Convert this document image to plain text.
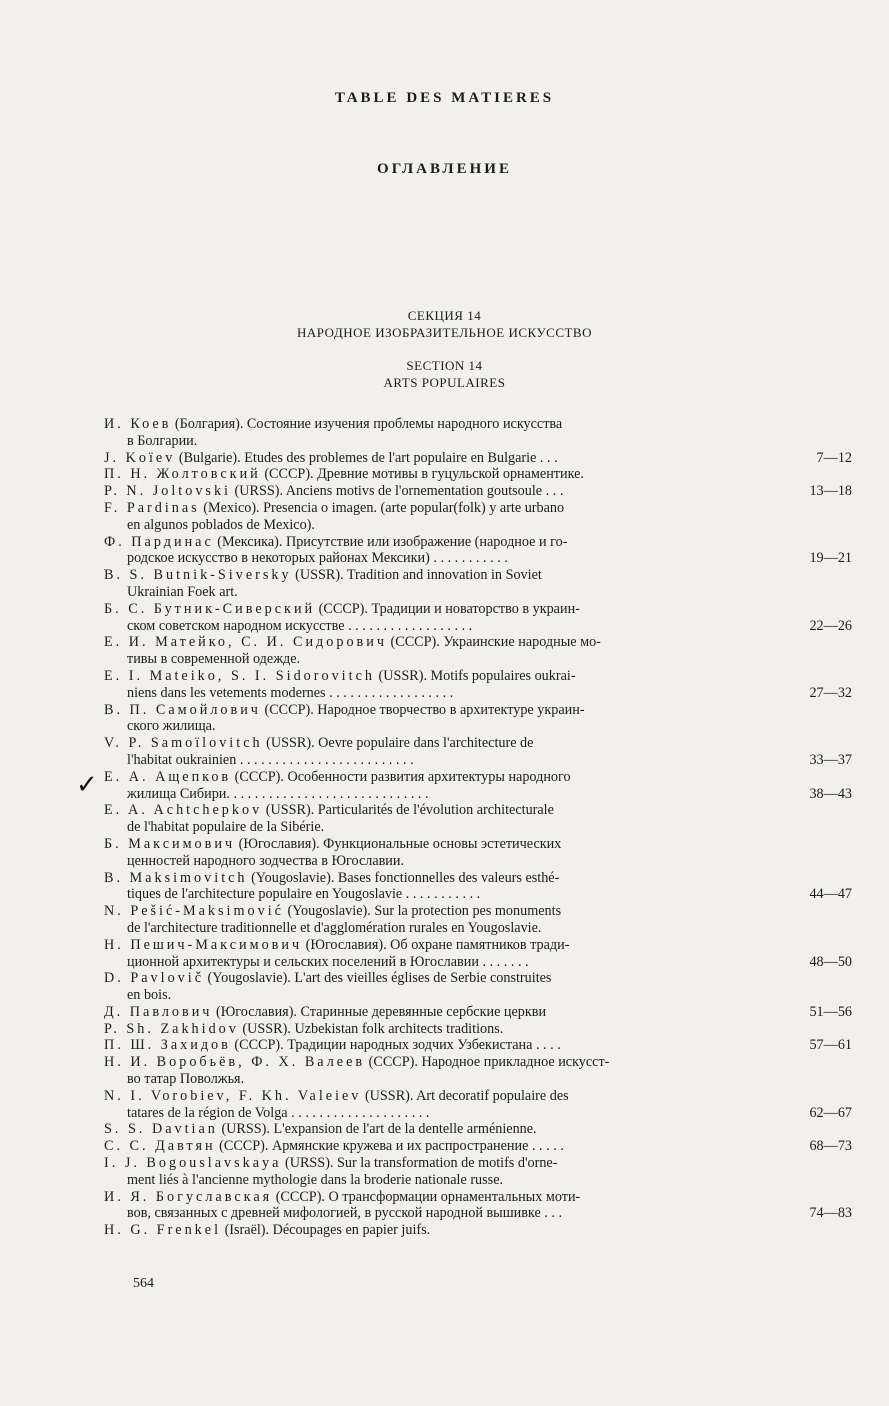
TABLE DES MATIERES
ОГЛАВЛЕНИЕ
СЕКЦИЯ 14
НАРОДНОЕ ИЗОБРАЗИТЕЛЬНОЕ ИСКУССТВО
SECTION 14
ARTS POPULAIRES
✓
И. Коев (Болгария). Состояние изучения проблемы народного искусства
в Болгарии.
J. Koïev (Bulgarie). Etudes des problemes de l'art populaire en Bulgarie . . .	7—12
П. Н. Жолтовский (СССР). Древние мотивы в гуцульской орнаментике.
P. N. Joltovski (URSS). Anciens motivs de l'ornementation goutsoule . . .	13—18
F. Pardinas (Mexico). Presencia o imagen. (arte popular(folk) y arte urbano
en algunos poblados de Mexico).
Ф. Пардинас (Мексика). Присутствие или изображение (народное и го-
родское искусство в некоторых районах Мексики) . . . . . . . . . . .	19—21
B. S. Butnik-Siversky (USSR). Tradition and innovation in Soviet
Ukrainian Foek art.
Б. С. Бутник-Сиверский (СССР). Традиции и новаторство в украин-
ском советском народном искусстве . . . . . . . . . . . . . . . . . .	22—26
Е. И. Матейко, С. И. Сидорович (СССР). Украинские народные мо-
тивы в современной одежде.
E. I. Mateiko, S. I. Sidorovitch (USSR). Motifs populaires oukrai-
niens dans les vetements modernes . . . . . . . . . . . . . . . . . .	27—32
В. П. Самойлович (СССР). Народное творчество в архитектуре украин-
ского жилища.
V. P. Samoïlovitch (USSR). Oevre populaire dans l'architecture de
l'habitat oukrainien . . . . . . . . . . . . . . . . . . . . . . . . .	33—37
Е. А. Ащепков (СССР). Особенности развития архитектуры народного
жилища Сибири. . . . . . . . . . . . . . . . . . . . . . . . . . . . .	38—43
E. A. Achtchepkov (USSR). Particularités de l'évolution architecturale
de l'habitat populaire de la Sibérie.
Б. Максимович (Югославия). Функциональные основы эстетических
ценностей народного зодчества в Югославии.
B. Maksimovitch (Yougoslavie). Bases fonctionnelles des valeurs esthé-
tiques de l'architecture populaire en Yougoslavie . . . . . . . . . . .	44—47
N. Pešić-Maksimović (Yougoslavie). Sur la protection pes monuments
de l'architecture traditionnelle et d'agglomération rurales en Yougoslavie.
Н. Пешич-Максимович (Югославия). Об охране памятников тради-
ционной архитектуры и сельских поселений в Югославии . . . . . . .	48—50
D. Pavlovič (Yougoslavie). L'art des vieilles églises de Serbie construites
en bois.
Д. Павлович (Югославия). Старинные деревянные сербские церкви	51—56
P. Sh. Zakhidov (USSR). Uzbekistan folk architects traditions.
П. Ш. Захидов (СССР). Традиции народных зодчих Узбекистана . . . .	57—61
Н. И. Воробьёв, Ф. Х. Валеев (СССР). Народное прикладное искусст-
во татар Поволжья.
N. I. Vorobiev, F. Kh. Valeiev (USSR). Art decoratif populaire des
tatares de la région de Volga . . . . . . . . . . . . . . . . . . . .	62—67
S. S. Davtian (URSS). L'expansion de l'art de la dentelle arménienne.
С. С. Давтян (СССР). Армянские кружева и их распространение . . . . .	68—73
I. J. Bogouslavskaya (URSS). Sur la transformation de motifs d'orne-
ment liés à l'ancienne mythologie dans la broderie nationale russe.
И. Я. Богуславская (СССР). О трансформации орнаментальных моти-
вов, связанных с древней мифологией, в русской народной вышивке . . .	74—83
H. G. Frenkel (Israël). Découpages en papier juifs.
564
